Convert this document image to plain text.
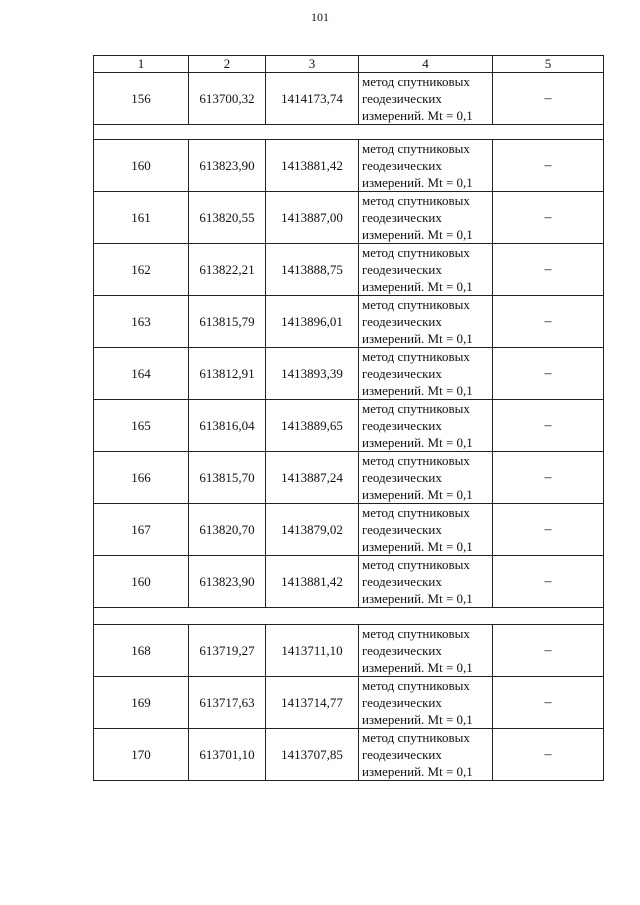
101
1	2	3	4	5
156	613700,32	1414173,74	метод спутниковых
геодезических
измерений. Mt = 0,1	–

160	613823,90	1413881,42	метод спутниковых
геодезических
измерений. Mt = 0,1	–
161	613820,55	1413887,00	метод спутниковых
геодезических
измерений. Mt = 0,1	–
162	613822,21	1413888,75	метод спутниковых
геодезических
измерений. Mt = 0,1	–
163	613815,79	1413896,01	метод спутниковых
геодезических
измерений. Mt = 0,1	–
164	613812,91	1413893,39	метод спутниковых
геодезических
измерений. Mt = 0,1	–
165	613816,04	1413889,65	метод спутниковых
геодезических
измерений. Mt = 0,1	–
166	613815,70	1413887,24	метод спутниковых
геодезических
измерений. Mt = 0,1	–
167	613820,70	1413879,02	метод спутниковых
геодезических
измерений. Mt = 0,1	–
160	613823,90	1413881,42	метод спутниковых
геодезических
измерений. Mt = 0,1	–

168	613719,27	1413711,10	метод спутниковых
геодезических
измерений. Mt = 0,1	–
169	613717,63	1413714,77	метод спутниковых
геодезических
измерений. Mt = 0,1	–
170	613701,10	1413707,85	метод спутниковых
геодезических
измерений. Mt = 0,1	–
